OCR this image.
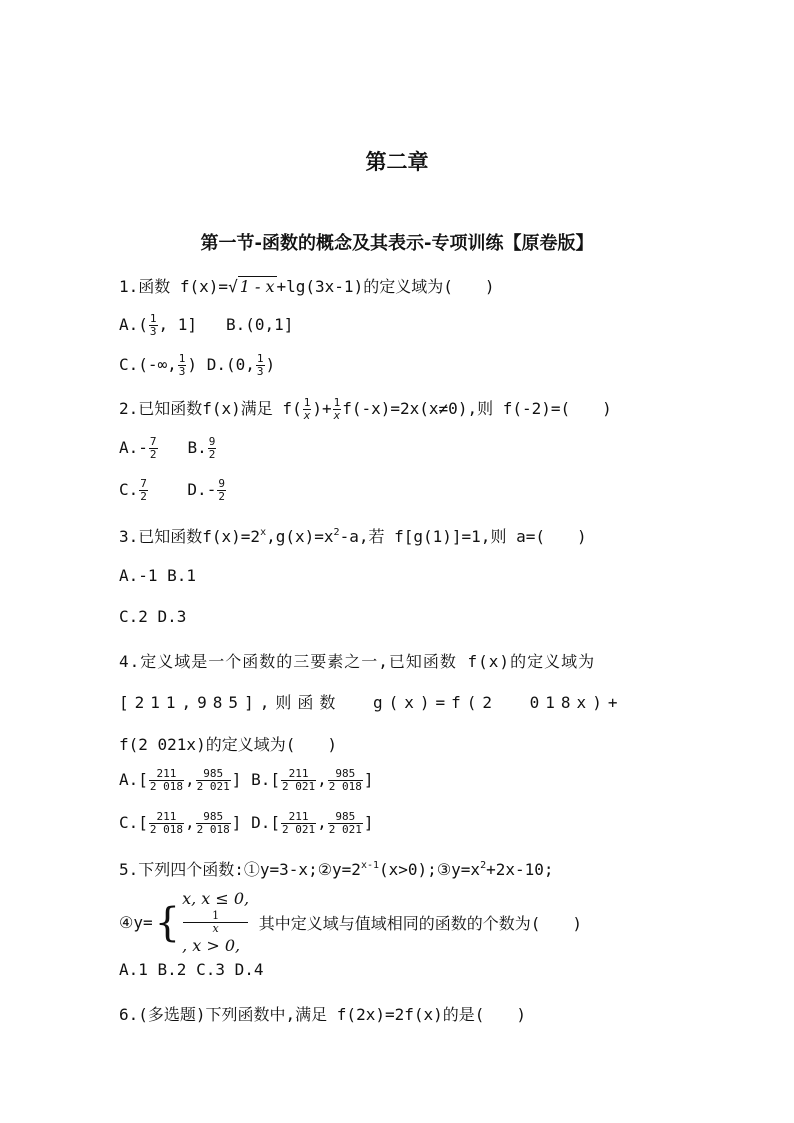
第二章
第一节-函数的概念及其表示-专项训练【原卷版】
1.函数 f(x)=√ 1 - x +lg(3x-1)的定义域为(　　)
$A.( \frac{1}{3}$ , 1] B.(0,1]
C.(-∞, $\frac{1}{3}$ ) D.(0, $\frac{1}{3}$ )
2.已知函数f(x)满足 $f( \frac{1}{x}$ )+ $\frac{1}{x} f(-x)=2x(x\ne 0)$,则 f(-2)=(　　)
$A.- \frac{7}{2} B$. $\frac{9}{2}$
C. $\frac{7}{2} D.- \frac{9}{2}$
3.已知函数$f(x)=2^x,g(x)=x^2-a$,若 f[g(1)]=1,则 a=(　　)
A.-1 B.1
C.2 D.3
4.定义域是一个函数的三要素之一,已知函数 f(x)的定义域为
[211,985],则函数 g(x)=f(2 018x)+
f(2 021x)的定义域为(　　)
$A.[ \frac{211}{2 018}$ , $\frac{985}{2 021}$ ] $B.[ \frac{211}{2 021}$ , $\frac{985}{2 018}$ ]
$C.[ \frac{211}{2 018}$ , $\frac{985}{2 018}$ ] $D.[ \frac{211}{2 021}$ , $\frac{985}{2 021}$ ]
5.下列四个函数$:①y=3-x;②y=2^{x-1}(x>0);③y=x^2+2x-10$;
④y={
x, x ≤ 0,
1
x
, x > 0,
其中定义域与值域相同的函数的个数为(　　)
A.1 B.2 C.3 D.4
6.(多选题)下列函数中,满足 f(2x)=2f(x)的是(　　)
